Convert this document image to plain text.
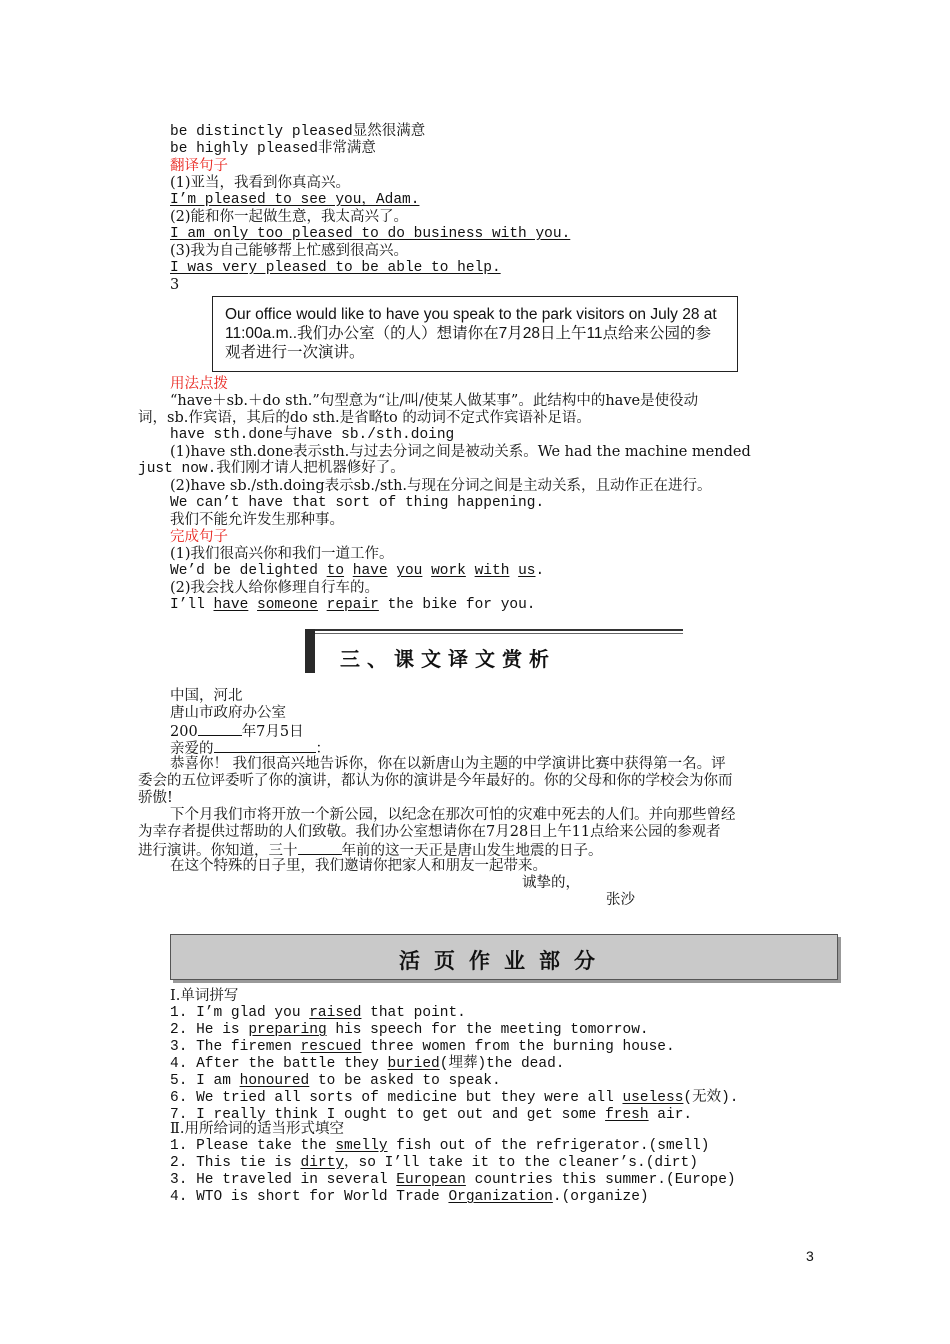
be distinctly pleased显然很满意
be highly pleased非常满意
翻译句子
(1)亚当，我看到你真高兴。
I’m pleased to see you，Adam.
(2)能和你一起做生意，我太高兴了。
I am only too pleased to do business with you.
(3)我为自己能够帮上忙感到很高兴。
I was very pleased to be able to help.
3
Our office would like to have you speak to the park visitors on July 28 at 11:00a.m..我们办公室（的人）想请你在7月28日上午11点给来公园的参观者进行一次演讲。
用法点拨
“have＋sb.＋do sth.”句型意为“让/叫/使某人做某事”。此结构中的have是使役动
词，sb.作宾语，其后的do sth.是省略to 的动词不定式作宾语补足语。
have sth.done与have sb./sth.doing
(1)have sth.done表示sth.与过去分词之间是被动关系。We had the machine mended
just now.我们刚才请人把机器修好了。
(2)have sb./sth.doing表示sb./sth.与现在分词之间是主动关系，且动作正在进行。
We can’t have that sort of thing happening.
我们不能允许发生那种事。
完成句子
(1)我们很高兴你和我们一道工作。
We’d be delighted to have you work with us.
(2)我会找人给你修理自行车的。
I’ll have someone repair the bike for you.
三、课文译文赏析
中国，河北
唐山市政府办公室
200	年7月5日
亲爱的	：
恭喜你！ 我们很高兴地告诉你，你在以新唐山为主题的中学演讲比赛中获得第一名。评
委会的五位评委听了你的演讲，都认为你的演讲是今年最好的。你的父母和你的学校会为你而
骄傲!
下个月我们市将开放一个新公园，以纪念在那次可怕的灾难中死去的人们。并向那些曾经
为幸存者提供过帮助的人们致敬。我们办公室想请你在7月28日上午11点给来公园的参观者
进行演讲。你知道，三十	年前的这一天正是唐山发生地震的日子。
在这个特殊的日子里，我们邀请你把家人和朋友一起带来。
诚挚的，
张沙
活页作业部分
Ⅰ.单词拼写
1. I’m glad you raised that point.
2. He is preparing his speech for the meeting tomorrow.
3. The firemen rescued three women from the burning house.
4. After the battle they buried(埋葬)the dead.
5. I am honoured to be asked to speak.
6. We tried all sorts of medicine but they were all useless(无效).
7. I really think I ought to get out and get some fresh air.
Ⅱ.用所给词的适当形式填空
1. Please take the smelly fish out of the refrigerator.(smell)
2. This tie is dirty，so I’ll take it to the cleaner’s.(dirt)
3. He traveled in several European countries this summer.(Europe)
4. WTO is short for World Trade Organization.(organize)
3
